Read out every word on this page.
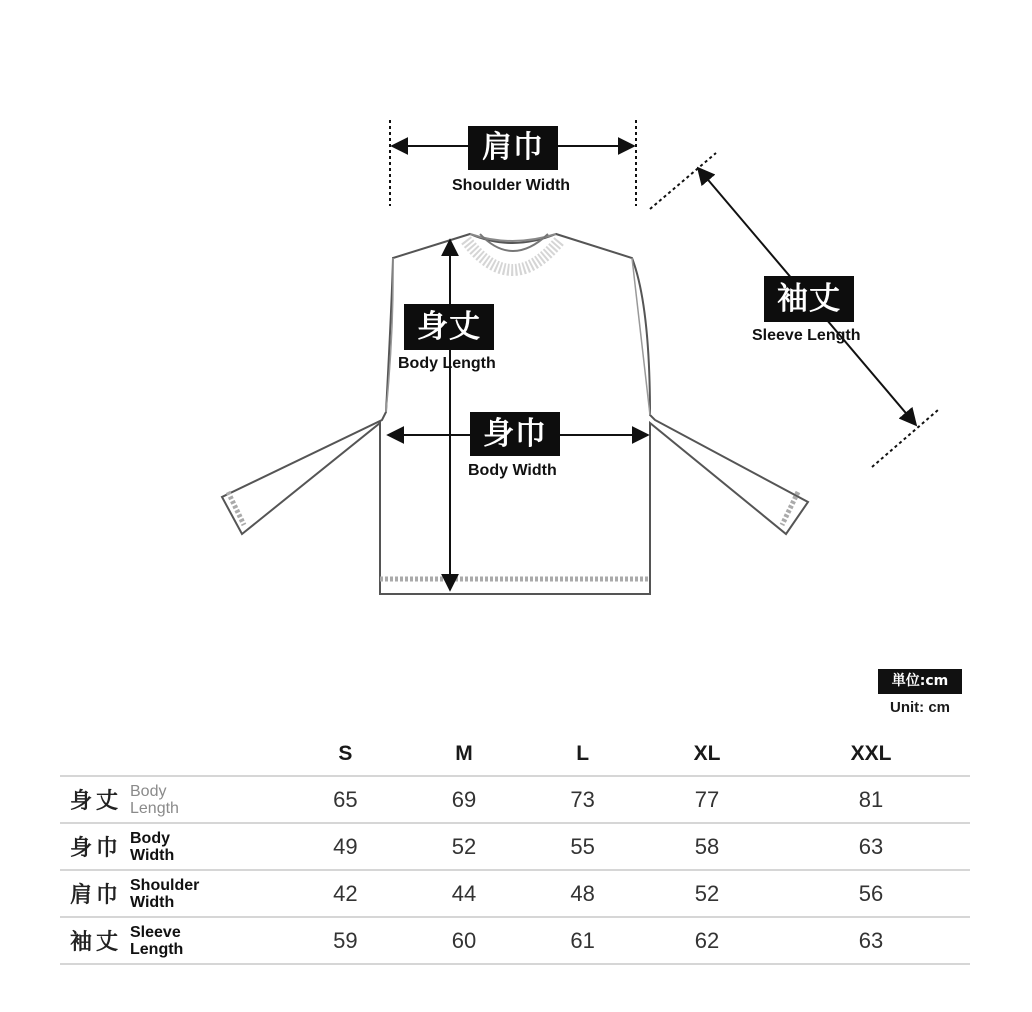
肩巾
Shoulder Width
袖丈
Sleeve Length
身丈
Body Length
身巾
Body Width
単位:cm
Unit: cm
	S	M	L	XL	XXL

身丈 Body
Length	65	69	73	77	81

身巾 Body
Width	49	52	55	58	63

肩巾 Shoulder
Width	42	44	48	52	56

袖丈 Sleeve
Length	59	60	61	62	63
